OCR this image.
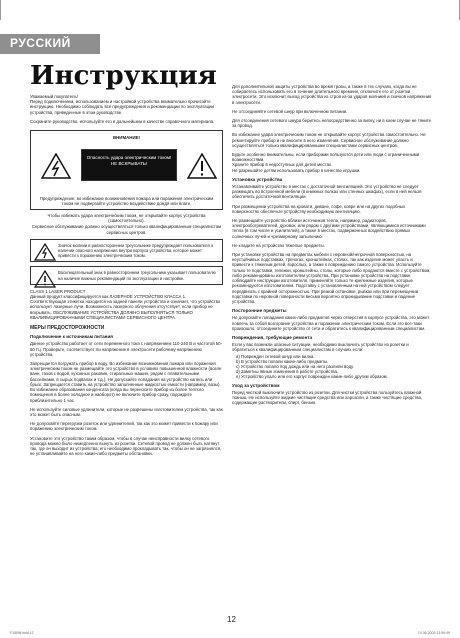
РУССКИЙ
Инструкция

Уважаемый покупатель!

Перед подключением, использованием и настройкой устройства внимательно прочитайте инструкцию. Необходимо соблюдать все предупреждения и рекомендации по эксплуатации устройства, приведенные в этом руководстве.

Сохраните руководство, используйте его в дальнейшем в качестве справочного материала.

ВНИМАНИЕ!
Опасность удара электрическим током! НЕ ВСКРЫВАТЬ!
Предупреждение: во избежание возникновения пожара или поражения электрическим током не подвергайте устройство воздействию дождя или влаги.

Чтобы избежать удара электрическим током, не открывайте корпус устройства (самостоятельно).

Сервисное обслуживание должно осуществляться только квалифицированным специалистам сервисных центров.

Значок молнии в равностороннем треугольнике предупреждает пользователя о наличии опасного напряжения внутри корпуса устройства, которое может привести к поражению электрическим током.
Восклицательный знак в равностороннем треугольнике указывает пользователю на наличие важных рекомендаций по эксплуатации и настройке.

CLASS 1 LASER PRODUCT

Данный продукт классифицируется как ЛАЗЕРНОЕ УСТРОЙСТВО КЛАССА 1. Соответствующая этикетка находится на задней панели устройства и означает, что устройство использует лазерные лучи. Возможность лазерного облучения отсутствует, если прибор не вскрывать. ОБСЛУЖИВАНИЕ УСТРОЙСТВА ДОЛЖНО ВЫПОЛНЯТЬСЯ ТОЛЬКО КВАЛИФИЦИРОВАННЫМИ СПЕЦИАЛИСТАМИ СЕРВИСНОГО ЦЕНТРА.

МЕРЫ ПРЕДОСТОРОЖНОСТИ
Подключение к источникам питания

Данное устройство работает от сети переменного тока с напряжением 110-240 В и частотой 50-60 Гц. Проверьте, соответствует ли напряжение в электросети рабочему напряжению устройства.

Запрещается погружать прибор в воду. Во избежание возникновения пожара или поражения электрическим током не размещайте это устройство в условиях повышенной влажности (возле ванн, тазов с водой, кухонных раковин, стиральных машин, рядом с плавательными бассейнами, в сырых подвалах и т.д.). Не допускайте попадания на устройство капель или брызг. Запрещается ставить на устройство заполненные жидкостью емкости (например, вазы). Во избежание образования конденсата (когда вы переносите прибор из более теплого помещения в более холодное и наоборот) не включите прибор сразу, подождите приблизительно 1 час.

Не используйте силовые удлинители, которые не разрешены изготовителем устройства, так как это может быть опасным.

Не допускайте перегрузки розеток или удлинителей, так как это может привести к пожару или поражению электрическим током.

Установите это устройство таким образом, чтобы в случае неисправности вилку сетевого провода можно было немедленно вынуть из розетки. Сетевой провод не должен быть натянут так, где он выходит из устройства; его необходимо прокладывать так, чтобы он не загрязнялся, не устанавливайте на него какие-либо предметы обстановки.

Для дополнительной защиты устройства во время грозы, а также в тех случаях, когда вы не собираетесь использовать его в течение длительного времени, отключите его от розетки электросети. Это исключит выход устройства из строя из-за ударов молнией и скачков напряжения в электросети.

Не отсоединяйте сетевой шнур при включенном питании.

Для отсоединения сетевого шнура беритесь непосредственно за вилку, ни в коем случае не тяните за провод.

Во избежание удара электрическим током не открывайте корпус устройства самостоятельно. Не ремонтируйте прибор и не вносите в него изменения. Сервисное обслуживание должно осуществляться только квалифицированными специалистами сервисных центров.

Будьте особенно внимательны, если приборами пользуются дети или люди с ограниченными возможностями.

Храните прибор в недоступных для детей местах.

Не разрешайте детям использовать прибор в качестве игрушки.

Установка устройства

Устанавливайте устройство в местах с достаточной вентиляцией. Это устройство не следует размещать во встроенной мебели (в книжных полках или стенных шкафах), если в ней нельзя обеспечить достаточной вентиляции.

При размещении устройства на кровати, диване, софе, ковре или на других подобных поверхностях обеспечьте устройству необходимую вентиляцию.

Не размещайте устройство вблизи источников тепла, например, радиаторов, электрообогревателей, духовок, или рядом с другими устройствами, являющимися источниками тепла (в том числе и усилителей), а также в местах, подверженных воздействию прямых солнечных лучей и чрезмерному запылению.

Не кладите на устройство тяжелые предметы.

При установке устройства на предметах мебели с неровной/непрочной поверхностью, на неустойчивых подставках, треногах, кронштейнах, столах, так как изделие может упасть и привести к тяжелым детей, взрослых, а также к повреждению самого устройства. Используйте только те подставки, тележки, кронштейны, столы, которые либо продаются вместе с устройством, либо рекомендованы изготовителем устройства. При установке устройства на подставке соблюдайте инструкции изготовителя, применяйте только те крепежные изделия, которые рекомендуются изготовителем. Подставку с установленным на ней устройством следует передвигать с крайней осторожностью. При резкой остановке, рывках или при перемещении подставки по неровной поверхности весьма вероятно опрокидывание подставки и падение устройства.

Посторонние предметы

Не допускайте попадания каких-либо предметов через отверстия в корпусе устройства, это может повлечь за собой возгорание устройства и поражение электрическим током. Если это все-таки произошло, отсоедините устройство от сети и обратитесь к квалифицированным специалистам.

Повреждения, требующие ремонта

Если у вас возникли опасные ситуации, необходимо выключить устройство из розетки и обратиться к квалифицированным специалистам в случаях если:

a) Поврежден сетевой шнур или вилка.
b) В устройство попали какие-либо предметы.
c) Устройство попало под дождь или на него разлили воду.
d) Заметны явные изменения в работе устройства.
e) Устройство упало или его корпус поврежден какие-либо другим образом.
Уход за устройством

Перед чисткой выключите устройство из розетки. Для чистки устройства пользуйтесь влажной тканью. Не используйте жидкие чистящие средства или аэрозоли, а также чистящие средства, содержащие растворители, спирт, бензин.

12
F150W.indd 12	10.06.2009 13:59:49
